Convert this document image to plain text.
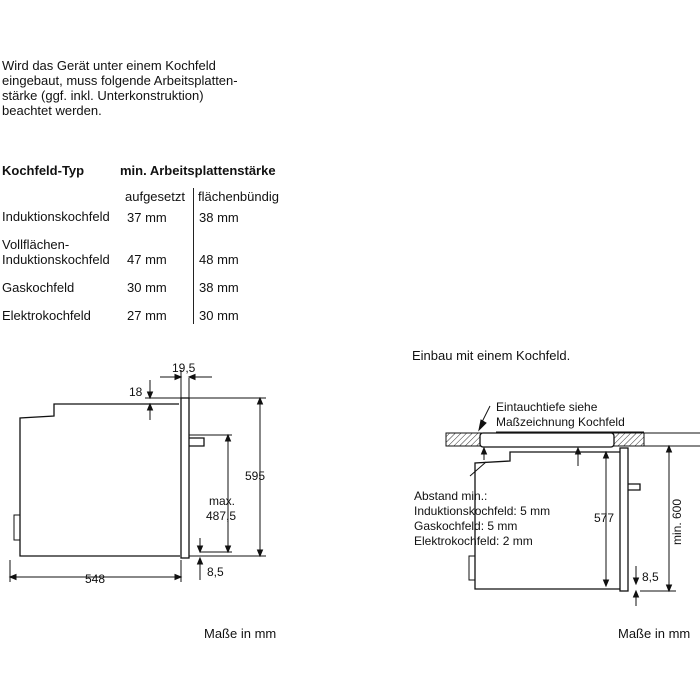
Wird das Gerät unter einem Kochfeld
eingebaut, muss folgende Arbeitsplatten-
stärke (ggf. inkl. Unterkonstruktion)
beachtet werden.
Kochfeld-Typ	min. Arbeitsplattenstärke
aufgesetzt flächenbündig
Induktionskochfeld 37 mm 38 mm
Vollflächen-
Induktionskochfeld 47 mm 48 mm
Gaskochfeld	30 mm 38 mm
Elektrokochfeld	27 mm 30 mm
Einbau mit einem Kochfeld.
Maße in mm	Maße in mm
19,5
18
595
max.
487,5
548	8,5
Eintauchtiefe siehe
Maßzeichnung Kochfeld
Abstand min.:
Induktionskochfeld: 5 mm
Gaskochfeld: 5 mm
Elektrokochfeld: 2 mm
577	min. 600
8,5
